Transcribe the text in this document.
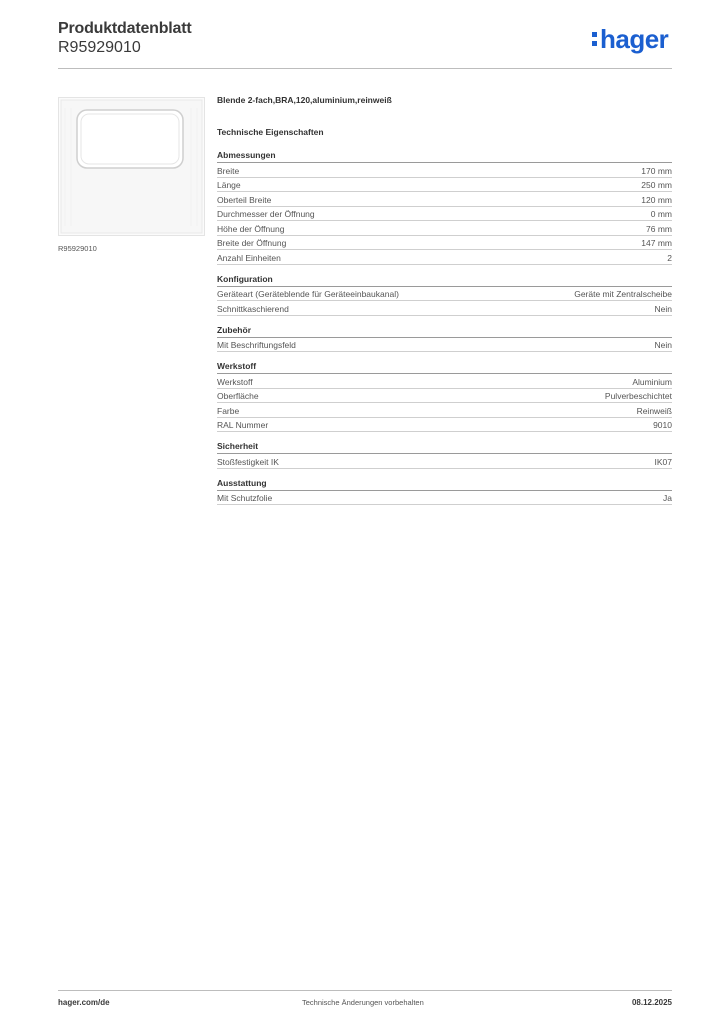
Produktdatenblatt
R95929010	hager
R95929010
Blende 2-fach,BRA,120,aluminium,reinweiß
Technische Eigenschaften
Abmessungen
Breite	170 mm
Länge	250 mm
Oberteil Breite	120 mm
Durchmesser der Öffnung	0 mm
Höhe der Öffnung	76 mm
Breite der Öffnung	147 mm
Anzahl Einheiten	2
Konfiguration
Geräteart (Geräteblende für Geräteeinbaukanal)	Geräte mit Zentralscheibe
Schnittkaschierend	Nein
Zubehör
Mit Beschriftungsfeld	Nein
Werkstoff
Werkstoff	Aluminium
Oberfläche	Pulverbeschichtet
Farbe	Reinweiß
RAL Nummer	9010
Sicherheit
Stoßfestigkeit IK	IK07
Ausstattung
Mit Schutzfolie	Ja
hager.com/de	Technische Änderungen vorbehalten	08.12.2025
